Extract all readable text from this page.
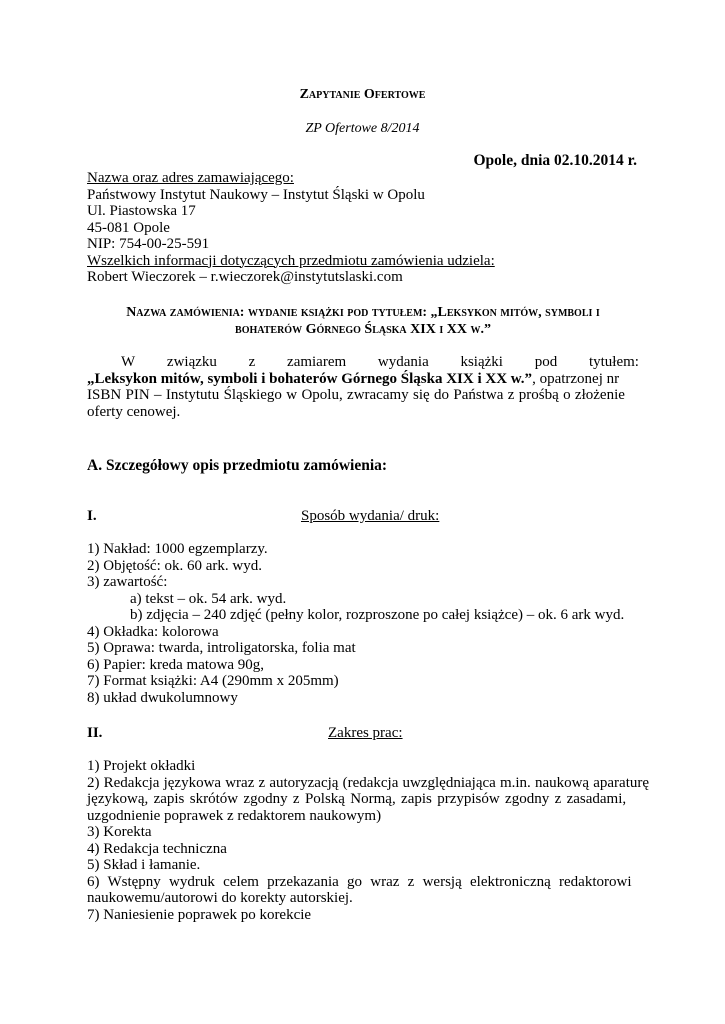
Zapytanie Ofertowe
ZP Ofertowe 8/2014
Opole, dnia 02.10.2014 r.
Nazwa oraz adres zamawiającego:
Państwowy Instytut Naukowy – Instytut Śląski w Opolu
Ul. Piastowska 17
45-081 Opole
NIP: 754-00-25-591
Wszelkich informacji dotyczących przedmiotu zamówienia udziela:
Robert Wieczorek – r.wieczorek@instytutslaski.com
Nazwa zamówienia: wydanie książki pod tytułem: „Leksykon mitów, symboli i
bohaterów Górnego Śląska XIX i XX w.”
W związku z zamiarem wydania książki pod tytułem:
„Leksykon mitów, symboli i bohaterów Górnego Śląska XIX i XX w.”, opatrzonej nr
ISBN PIN – Instytutu Śląskiego w Opolu, zwracamy się do Państwa z prośbą o złożenie
oferty cenowej.
A. Szczegółowy opis przedmiotu zamówienia:
I.	Sposób wydania/ druk:
1) Nakład: 1000 egzemplarzy.
2) Objętość: ok. 60 ark. wyd.
3) zawartość:
a) tekst – ok. 54 ark. wyd.
b) zdjęcia – 240 zdjęć (pełny kolor, rozproszone po całej książce) – ok. 6 ark wyd.
4) Okładka: kolorowa
5) Oprawa: twarda, introligatorska, folia mat
6) Papier: kreda matowa 90g,
7) Format książki: A4 (290mm x 205mm)
8) układ dwukolumnowy
II.	Zakres prac:
1) Projekt okładki
2) Redakcja językowa wraz z autoryzacją (redakcja uwzględniająca m.in. naukową aparaturę
językową, zapis skrótów zgodny z Polską Normą, zapis przypisów zgodny z zasadami,
uzgodnienie poprawek z redaktorem naukowym)
3) Korekta
4) Redakcja techniczna
5) Skład i łamanie.
6) Wstępny wydruk celem przekazania go wraz z wersją elektroniczną redaktorowi
naukowemu/autorowi do korekty autorskiej.
7) Naniesienie poprawek po korekcie
